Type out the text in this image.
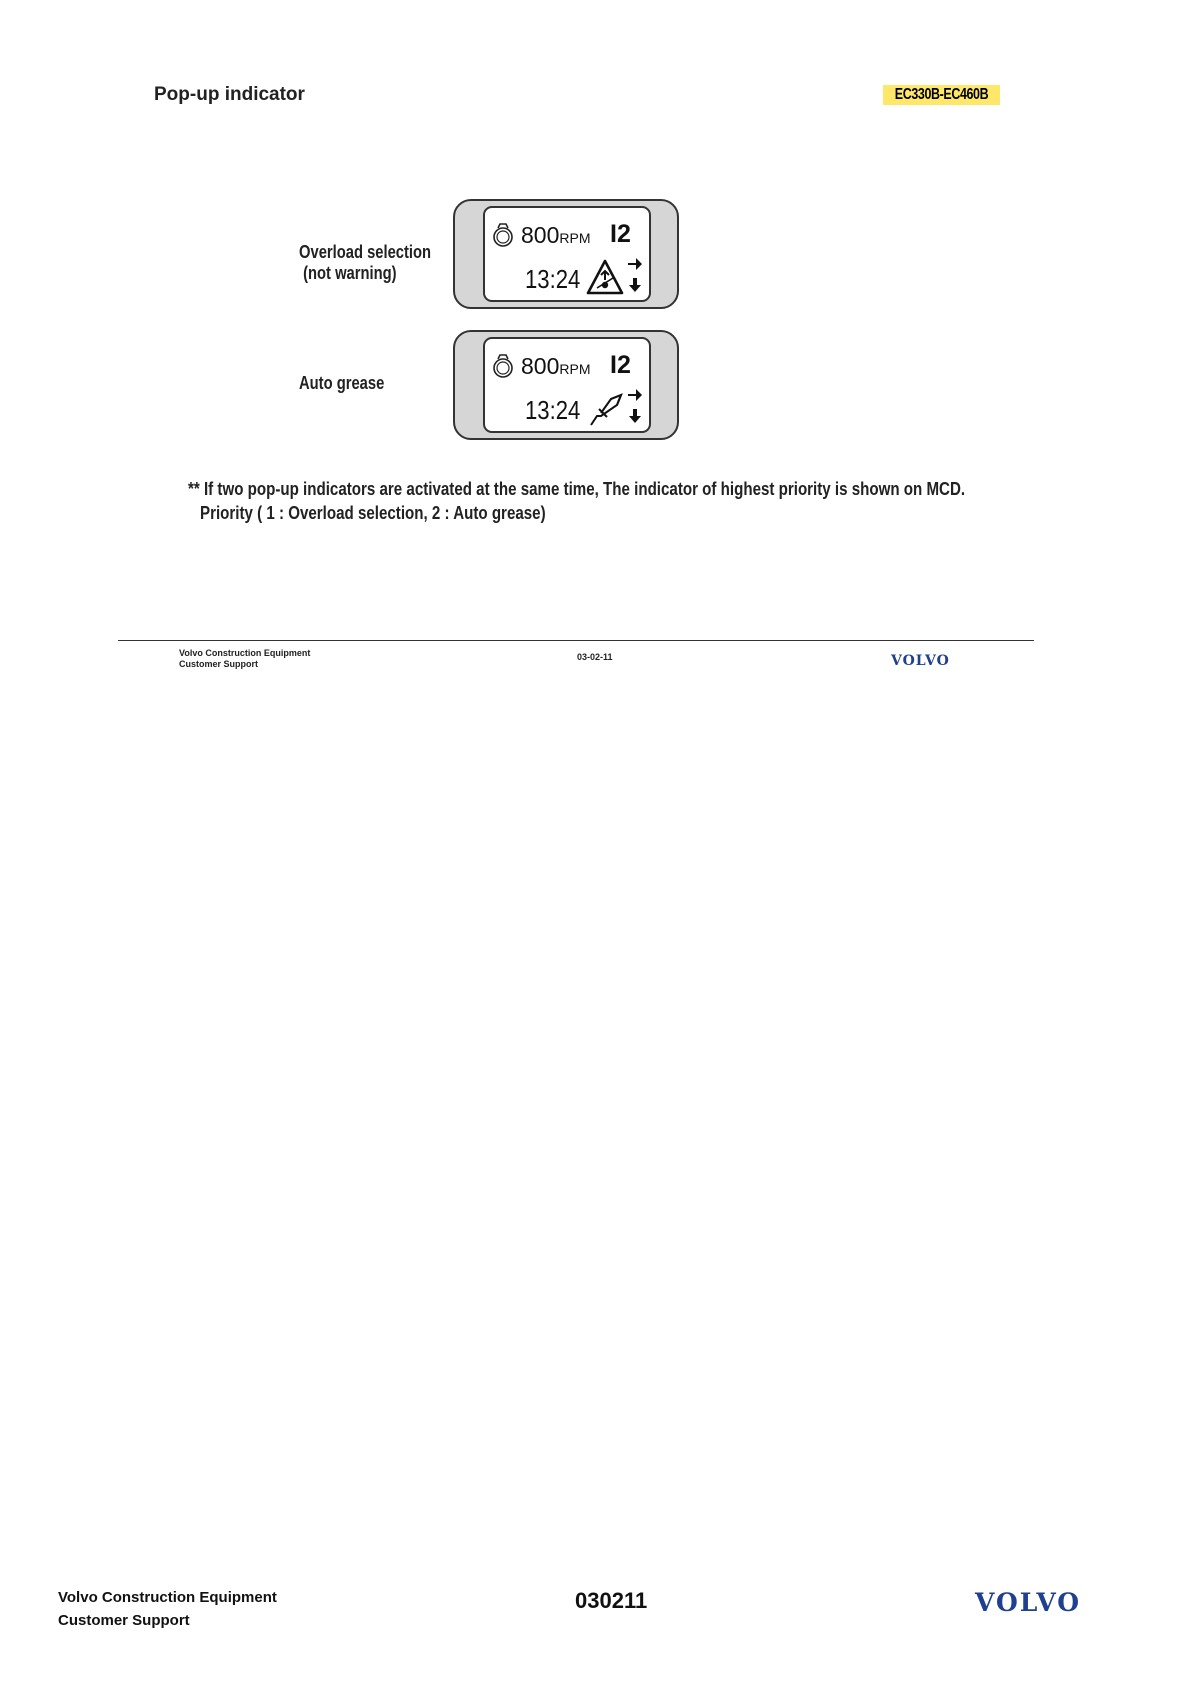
Pop-up indicator	EC330B-EC460B
Overload selection
(not warning)
800RPM I2
13:24
Auto grease
800RPM I2
13:24
** If two pop-up indicators are activated at the same time, The indicator of highest priority is shown on MCD.
Priority ( 1 : Overload selection, 2 : Auto grease)
Volvo Construction Equipment
Customer Support
03-02-11	VOLVO
Volvo Construction Equipment
Customer Support
030211	VOLVO
